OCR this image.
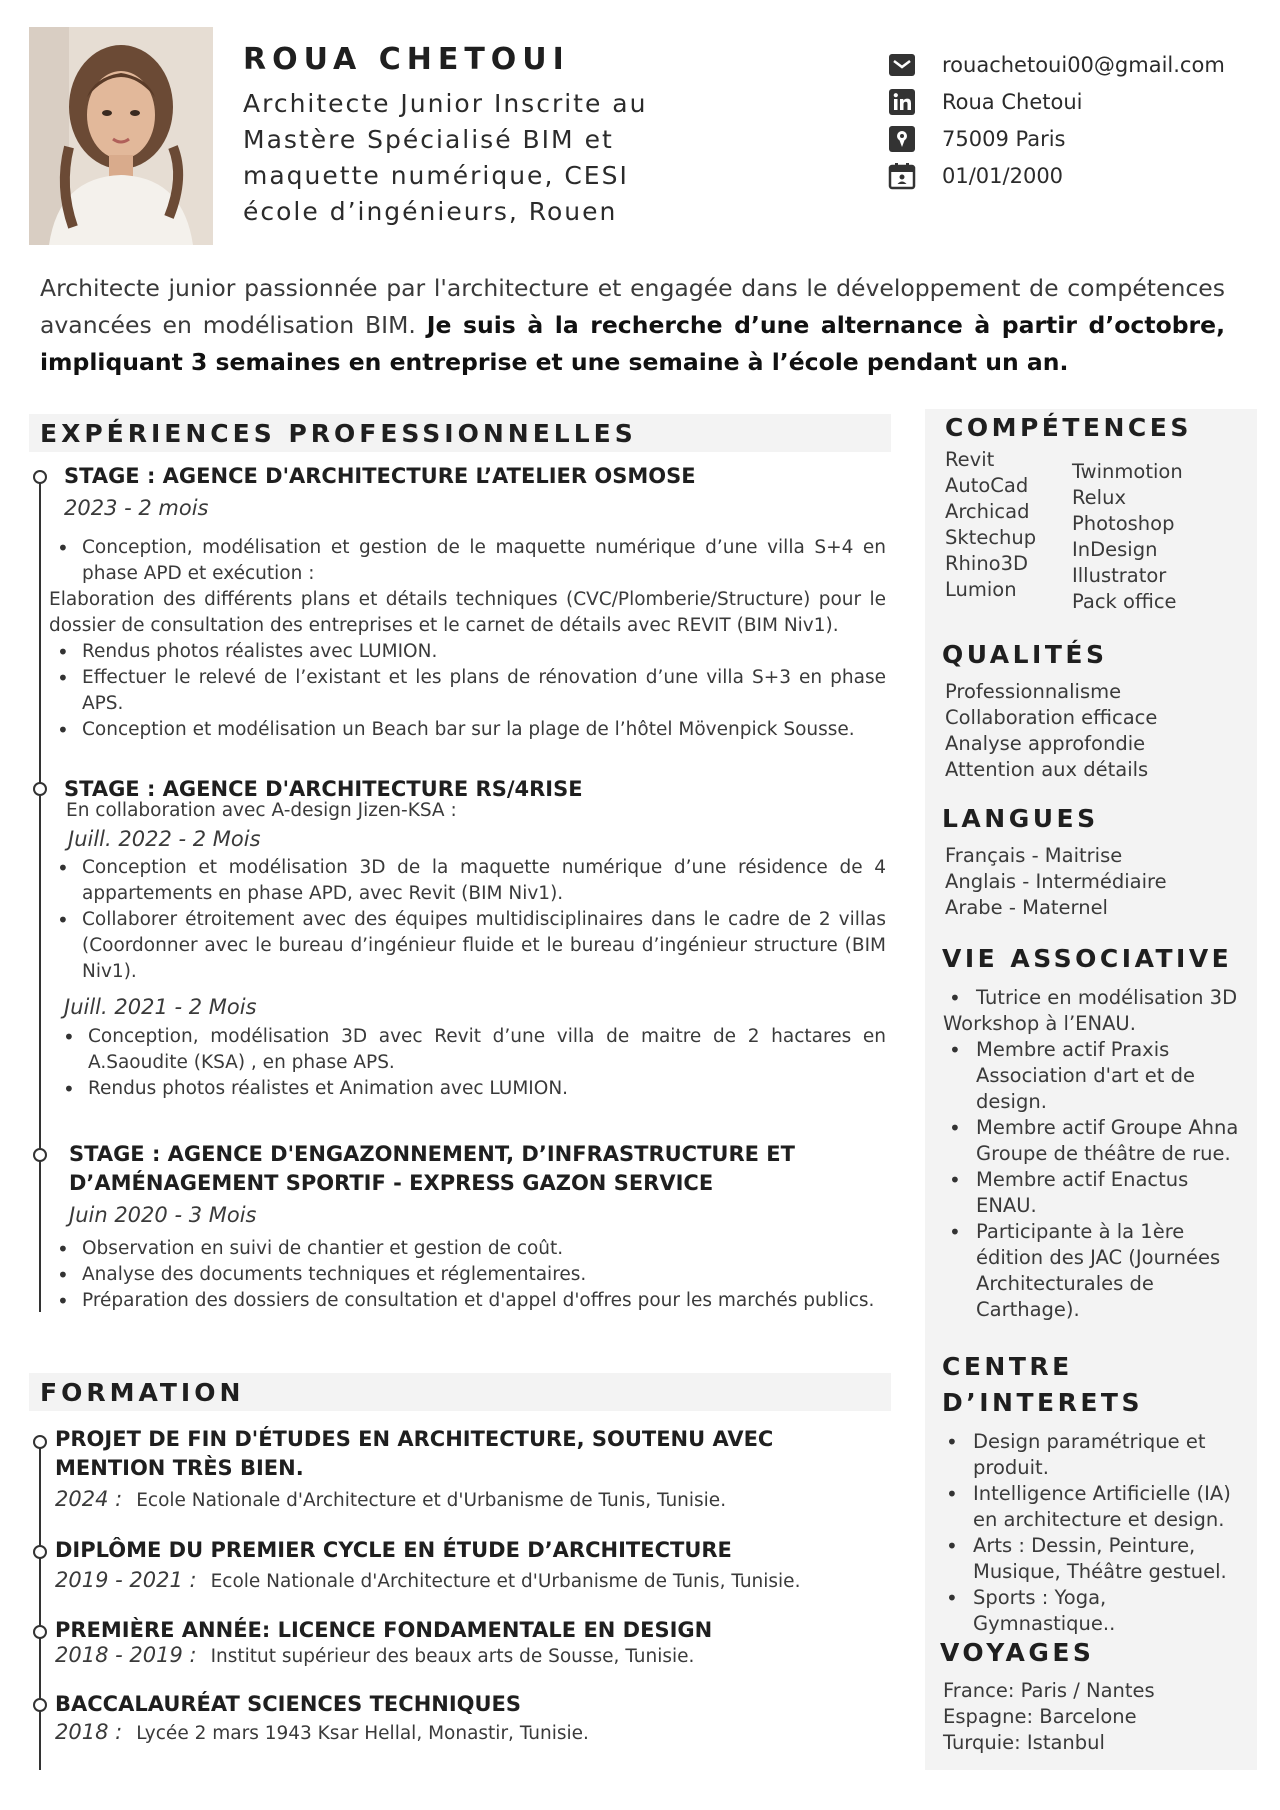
ROUA CHETOUI
Architecte Junior Inscrite au Mastère Spécialisé BIM et maquette numérique, CESI école d’ingénieurs, Rouen
rouachetoui00@gmail.com
Roua Chetoui
75009 Paris
01/01/2000
Architecte junior passionnée par l'architecture et engagée dans le développement de compétences avancées en modélisation BIM. Je suis à la recherche d’une alternance à partir d’octobre, impliquant 3 semaines en entreprise et une semaine à l’école pendant un an.
EXPÉRIENCES PROFESSIONNELLES
STAGE : AGENCE D'ARCHITECTURE L’ATELIER OSMOSE
2023 - 2 mois
• Conception, modélisation et gestion de le maquette numérique d’une villa S+4 en phase APD et exécution :
Elaboration des différents plans et détails techniques (CVC/Plomberie/Structure) pour le dossier de consultation des entreprises et le carnet de détails avec REVIT (BIM Niv1).
• Rendus photos réalistes avec LUMION.
• Effectuer le relevé de l’existant et les plans de rénovation d’une villa S+3 en phase APS.
• Conception et modélisation un Beach bar sur la plage de l’hôtel Mövenpick Sousse.
STAGE : AGENCE D'ARCHITECTURE RS/4RISE
En collaboration avec A-design Jizen-KSA :
Juill. 2022 - 2 Mois
• Conception et modélisation 3D de la maquette numérique d’une résidence de 4 appartements en phase APD, avec Revit (BIM Niv1).
• Collaborer étroitement avec des équipes multidisciplinaires dans le cadre de 2 villas (Coordonner avec le bureau d’ingénieur fluide et le bureau d’ingénieur structure (BIM Niv1).
Juill. 2021 - 2 Mois
• Conception, modélisation 3D avec Revit d’une villa de maitre de 2 hactares en A.Saoudite (KSA) , en phase APS.
• Rendus photos réalistes et Animation avec LUMION.
STAGE : AGENCE D'ENGAZONNEMENT, D’INFRASTRUCTURE ET D’AMÉNAGEMENT SPORTIF - EXPRESS GAZON SERVICE
Juin 2020 - 3 Mois
• Observation en suivi de chantier et gestion de coût.
• Analyse des documents techniques et réglementaires.
• Préparation des dossiers de consultation et d'appel d'offres pour les marchés publics.
FORMATION
PROJET DE FIN D'ÉTUDES EN ARCHITECTURE, SOUTENU AVEC MENTION TRÈS BIEN.
2024 : Ecole Nationale d'Architecture et d'Urbanisme de Tunis, Tunisie.
DIPLÔME DU PREMIER CYCLE EN ÉTUDE D’ARCHITECTURE
2019 - 2021 : Ecole Nationale d'Architecture et d'Urbanisme de Tunis, Tunisie.
PREMIÈRE ANNÉE: LICENCE FONDAMENTALE EN DESIGN
2018 - 2019 : Institut supérieur des beaux arts de Sousse, Tunisie.
BACCALAURÉAT SCIENCES TECHNIQUES
2018 : Lycée 2 mars 1943 Ksar Hellal, Monastir, Tunisie.
COMPÉTENCES
Revit
AutoCad
Archicad
Sktechup
Rhino3D
Lumion
Twinmotion
Relux
Photoshop
InDesign
Illustrator
Pack office
QUALITÉS
Professionnalisme
Collaboration efficace
Analyse approfondie
Attention aux détails
LANGUES
Français - Maitrise
Anglais - Intermédiaire
Arabe - Maternel
VIE ASSOCIATIVE
• Tutrice en modélisation 3D
Workshop à l’ENAU.
• Membre actif Praxis Association d'art et de design.
• Membre actif Groupe Ahna Groupe de théâtre de rue.
• Membre actif Enactus ENAU.
• Participante à la 1ère édition des JAC (Journées Architecturales de Carthage).
CENTRE
D’INTERETS
• Design paramétrique et produit.
• Intelligence Artificielle (IA) en architecture et design.
• Arts : Dessin, Peinture, Musique, Théâtre gestuel.
• Sports : Yoga, Gymnastique..
VOYAGES
France: Paris / Nantes
Espagne: Barcelone
Turquie: Istanbul
